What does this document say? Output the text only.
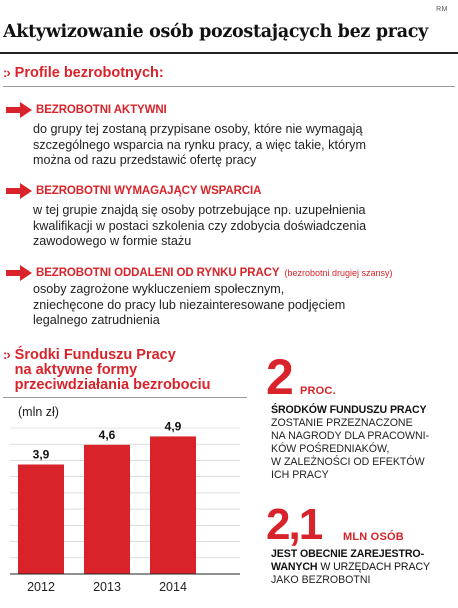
RM
Aktywizowanie osób pozostających bez pracy
:› Profile bezrobotnych:
BEZROBOTNI AKTYWNI
do grupy tej zostaną przypisane osoby, które nie wymagają
szczególnego wsparcia na rynku pracy, a więc takie, którym
można od razu przedstawić ofertę pracy
BEZROBOTNI WYMAGAJĄCY WSPARCIA
w tej grupie znajdą się osoby potrzebujące np. uzupełnienia
kwalifikacji w postaci szkolenia czy zdobycia doświadczenia
zawodowego w formie stażu
BEZROBOTNI ODDALENI OD RYNKU PRACY (bezrobotni drugiej szansy)
osoby zagrożone wykluczeniem społecznym,
zniechęcone do pracy lub niezainteresowane podjęciem
legalnego zatrudnienia
:› Środki Funduszu Pracy
na aktywne formy
przeciwdziałania bezrobociu
(mln zł)
3,9
4,6
4,9
2012	2013	2014
2 PROC.
ŚRODKÓW FUNDUSZU PRACY
ZOSTANIE PRZEZNACZONE
NA NAGRODY DLA PRACOWNI-
KÓW POŚREDNIAKÓW,
W ZALEŻNOŚCI OD EFEKTÓW
ICH PRACY
2,1 MLN OSÓB
JEST OBECNIE ZAREJESTRO-
WANYCH W URZĘDACH PRACY
JAKO BEZROBOTNI
